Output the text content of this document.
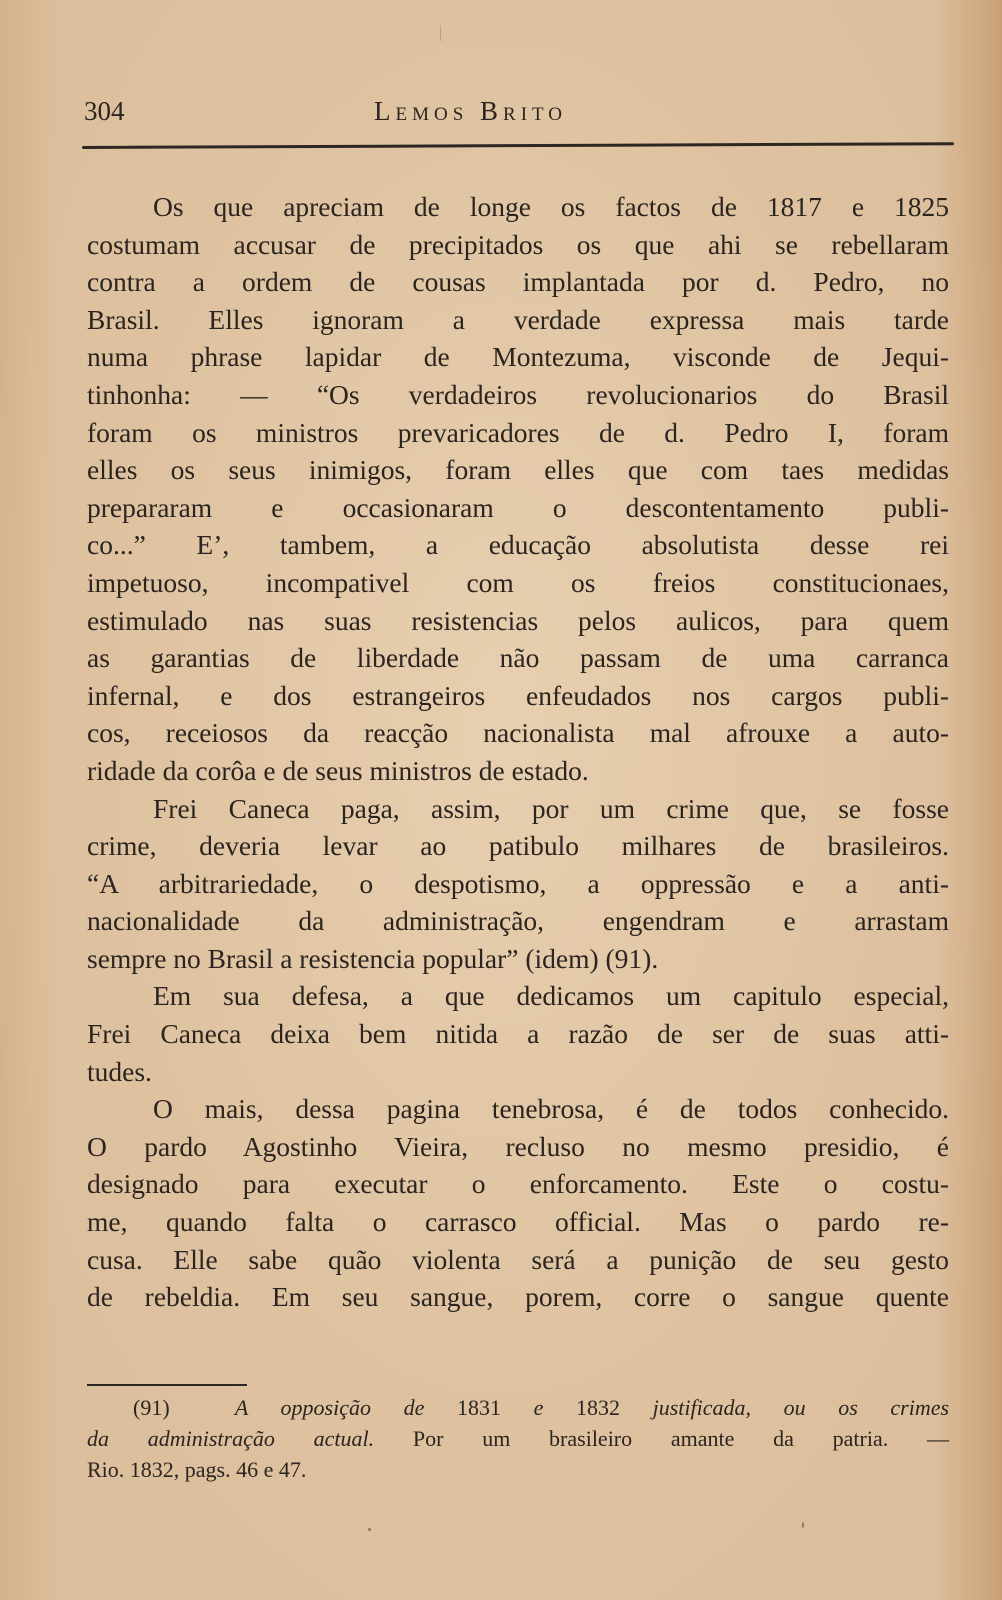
304	Lemos Brito
Os que apreciam de longe os factos de 1817 e 1825
costumam accusar de precipitados os que ahi se rebellaram
contra a ordem de cousas implantada por d. Pedro, no
Brasil. Elles ignoram a verdade expressa mais tarde
numa phrase lapidar de Montezuma, visconde de Jequi-
tinhonha: — “Os verdadeiros revolucionarios do Brasil
foram os ministros prevaricadores de d. Pedro I, foram
elles os seus inimigos, foram elles que com taes medidas
prepararam e occasionaram o descontentamento publi-
co...” E’, tambem, a educação absolutista desse rei
impetuoso, incompativel com os freios constitucionaes,
estimulado nas suas resistencias pelos aulicos, para quem
as garantias de liberdade não passam de uma carranca
infernal, e dos estrangeiros enfeudados nos cargos publi-
cos, receiosos da reacção nacionalista mal afrouxe a auto-
ridade da corôa e de seus ministros de estado.
Frei Caneca paga, assim, por um crime que, se fosse
crime, deveria levar ao patibulo milhares de brasileiros.
“A arbitrariedade, o despotismo, a oppressão e a anti-
nacionalidade da administração, engendram e arrastam
sempre no Brasil a resistencia popular” (idem) (91).
Em sua defesa, a que dedicamos um capitulo especial,
Frei Caneca deixa bem nitida a razão de ser de suas atti-
tudes.
O mais, dessa pagina tenebrosa, é de todos conhecido.
O pardo Agostinho Vieira, recluso no mesmo presidio, é
designado para executar o enforcamento. Este o costu-
me, quando falta o carrasco official. Mas o pardo re-
cusa. Elle sabe quão violenta será a punição de seu gesto
de rebeldia. Em seu sangue, porem, corre o sangue quente
(91)	A opposição de 1831 e 1832 justificada, ou os crimes
da administração actual. Por um brasileiro amante da patria. —
Rio. 1832, pags. 46 e 47.
